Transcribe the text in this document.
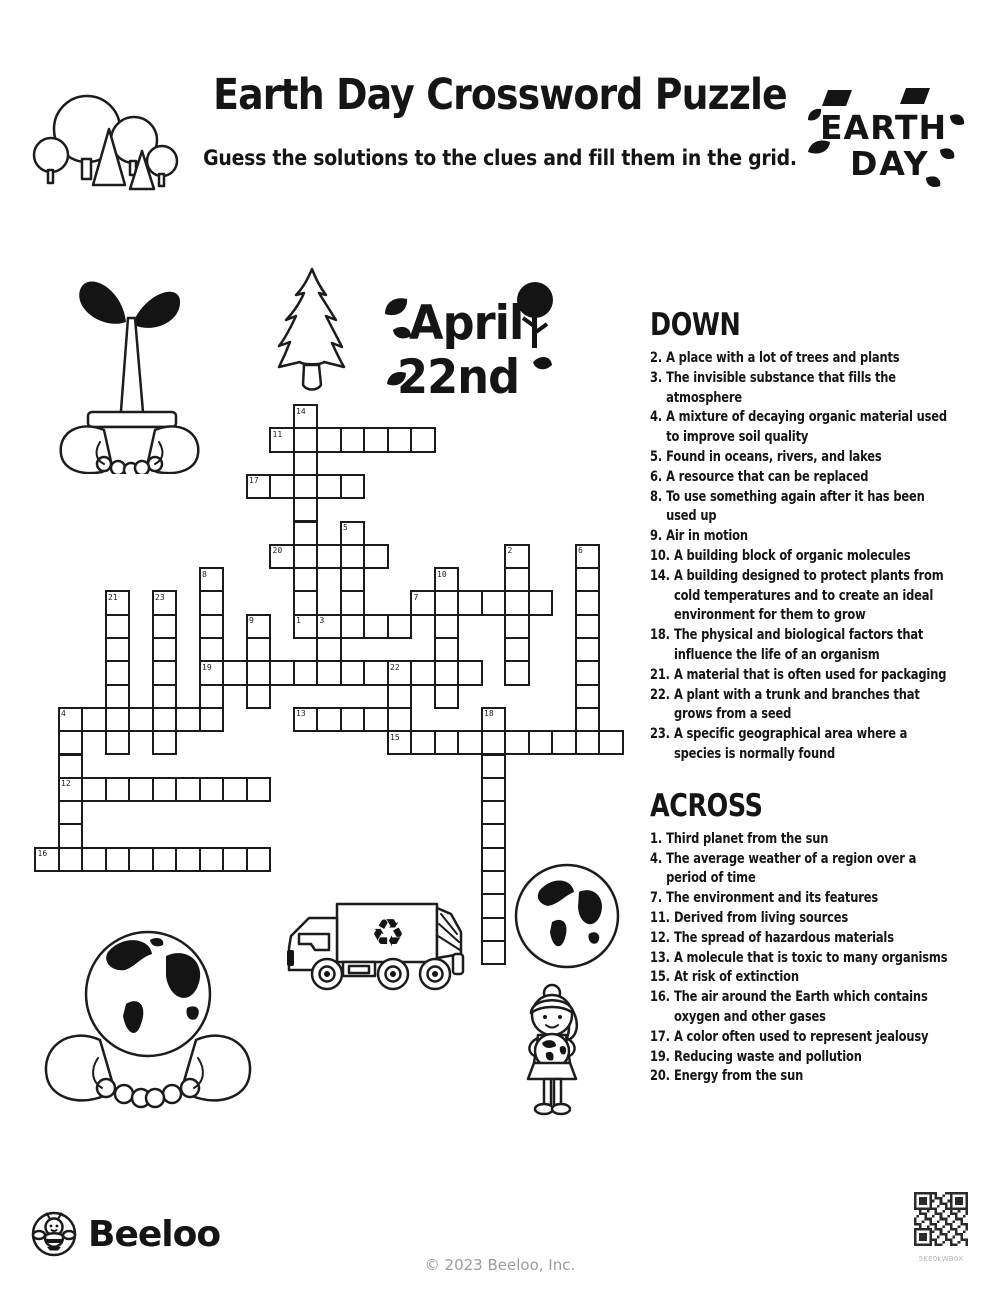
Earth Day Crossword Puzzle
Guess the solutions to the clues and fill them in the grid.
EARTH
DAY
April
22nd
1 3
4
7
11
12
13
15
16
17
19	22
20	2
5
6
8
9
10
14
18
21	23
DOWN
2. A place with a lot of trees and plants
3. The invisible substance that fills the atmosphere
4. A mixture of decaying organic material used to improve soil quality
5. Found in oceans, rivers, and lakes
6. A resource that can be replaced
8. To use something again after it has been used up
9. Air in motion
10. A building block of organic molecules
14. A building designed to protect plants from cold temperatures and to create an ideal environment for them to grow
18. The physical and biological factors that influence the life of an organism
21. A material that is often used for packaging
22. A plant with a trunk and branches that grows from a seed
23. A specific geographical area where a species is normally found
ACROSS
1. Third planet from the sun
4. The average weather of a region over a period of time
7. The environment and its features
11. Derived from living sources
12. The spread of hazardous materials
13. A molecule that is toxic to many organisms
15. At risk of extinction
16. The air around the Earth which contains oxygen and other gases
17. A color often used to represent jealousy
19. Reducing waste and pollution
20. Energy from the sun
♻
Beeloo
© 2023 Beeloo, Inc.	5KE0kWB0X
